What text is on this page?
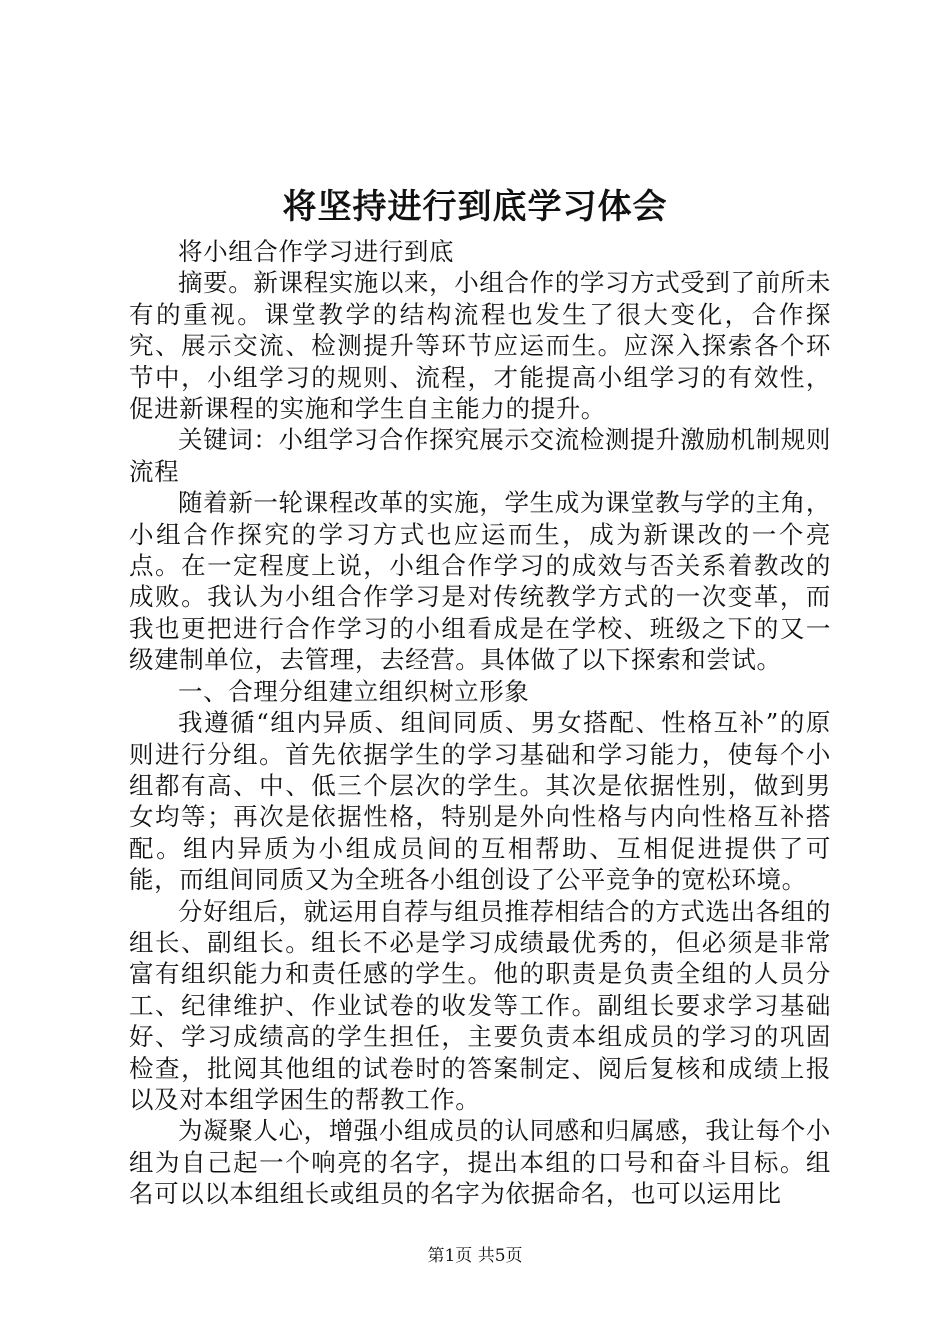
将坚持进行到底学习体会

将小组合作学习进行到底

摘要。新课程实施以来，小组合作的学习方式受到了前所未有的重视。课堂教学的结构流程也发生了很大变化，合作探究、展示交流、检测提升等环节应运而生。应深入探索各个环节中，小组学习的规则、流程，才能提高小组学习的有效性，促进新课程的实施和学生自主能力的提升。

关键词：小组学习合作探究展示交流检测提升激励机制规则流程

随着新一轮课程改革的实施，学生成为课堂教与学的主角，小组合作探究的学习方式也应运而生，成为新课改的一个亮点。在一定程度上说，小组合作学习的成效与否关系着教改的成败。我认为小组合作学习是对传统教学方式的一次变革，而我也更把进行合作学习的小组看成是在学校、班级之下的又一级建制单位，去管理，去经营。具体做了以下探索和尝试。

一、合理分组建立组织树立形象

我遵循“组内异质、组间同质、男女搭配、性格互补”的原则进行分组。首先依据学生的学习基础和学习能力，使每个小组都有高、中、低三个层次的学生。其次是依据性别，做到男女均等；再次是依据性格，特别是外向性格与内向性格互补搭配。组内异质为小组成员间的互相帮助、互相促进提供了可能，而组间同质又为全班各小组创设了公平竞争的宽松环境。

分好组后，就运用自荐与组员推荐相结合的方式选出各组的组长、副组长。组长不必是学习成绩最优秀的，但必须是非常富有组织能力和责任感的学生。他的职责是负责全组的人员分工、纪律维护、作业试卷的收发等工作。副组长要求学习基础好、学习成绩高的学生担任，主要负责本组成员的学习的巩固检查，批阅其他组的试卷时的答案制定、阅后复核和成绩上报以及对本组学困生的帮教工作。

为凝聚人心，增强小组成员的认同感和归属感，我让每个小组为自己起一个响亮的名字，提出本组的口号和奋斗目标。组名可以以本组组长或组员的名字为依据命名，也可以运用比

第1页 共5页
